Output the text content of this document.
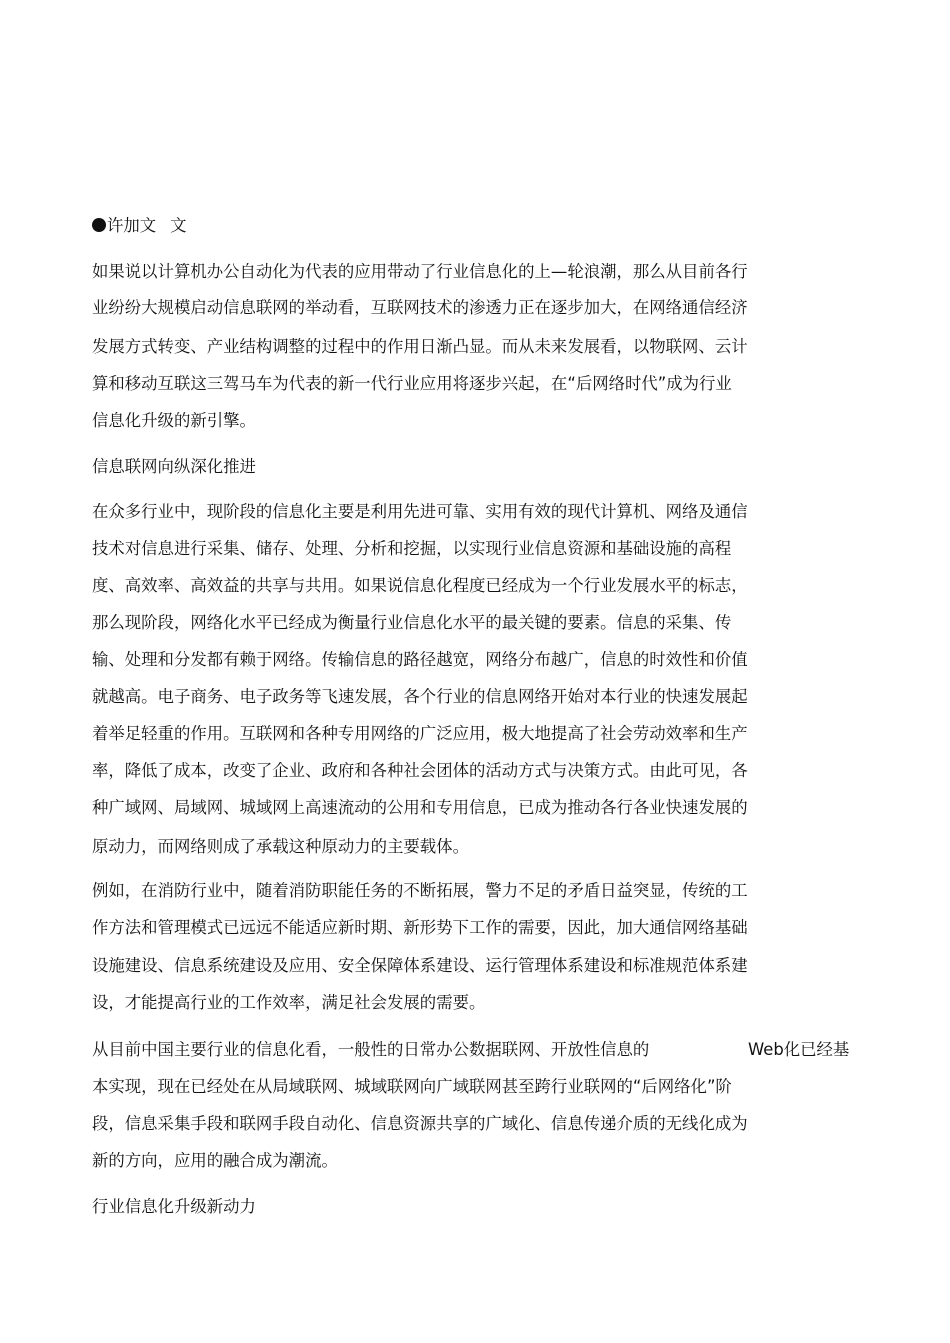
许加文 文
如果说以计算机办公自动化为代表的应用带动了行业信息化的上—轮浪潮，那么从目前各行
业纷纷大规模启动信息联网的举动看，互联网技术的渗透力正在逐步加大，在网络通信经济
发展方式转变、产业结构调整的过程中的作用日渐凸显。而从未来发展看，以物联网、云计
算和移动互联这三驾马车为代表的新一代行业应用将逐步兴起，在“后网络时代”成为行业
信息化升级的新引擎。
信息联网向纵深化推进
在众多行业中，现阶段的信息化主要是利用先进可靠、实用有效的现代计算机、网络及通信
技术对信息进行采集、储存、处理、分析和挖掘，以实现行业信息资源和基础设施的高程
度、高效率、高效益的共享与共用。如果说信息化程度已经成为一个行业发展水平的标志，
那么现阶段，网络化水平已经成为衡量行业信息化水平的最关键的要素。信息的采集、传
输、处理和分发都有赖于网络。传输信息的路径越宽，网络分布越广，信息的时效性和价值
就越高。电子商务、电子政务等飞速发展，各个行业的信息网络开始对本行业的快速发展起
着举足轻重的作用。互联网和各种专用网络的广泛应用，极大地提高了社会劳动效率和生产
率，降低了成本，改变了企业、政府和各种社会团体的活动方式与决策方式。由此可见，各
种广域网、局域网、城域网上高速流动的公用和专用信息，已成为推动各行各业快速发展的
原动力，而网络则成了承载这种原动力的主要载体。
例如，在消防行业中，随着消防职能任务的不断拓展，警力不足的矛盾日益突显，传统的工
作方法和管理模式已远远不能适应新时期、新形势下工作的需要，因此，加大通信网络基础
设施建设、信息系统建设及应用、安全保障体系建设、运行管理体系建设和标准规范体系建
设，才能提高行业的工作效率，满足社会发展的需要。
从目前中国主要行业的信息化看，一般性的日常办公数据联网、开放性信息的	Web化已经基
本实现，现在已经处在从局域联网、城域联网向广域联网甚至跨行业联网的“后网络化”阶
段，信息采集手段和联网手段自动化、信息资源共享的广域化、信息传递介质的无线化成为
新的方向，应用的融合成为潮流。
行业信息化升级新动力
